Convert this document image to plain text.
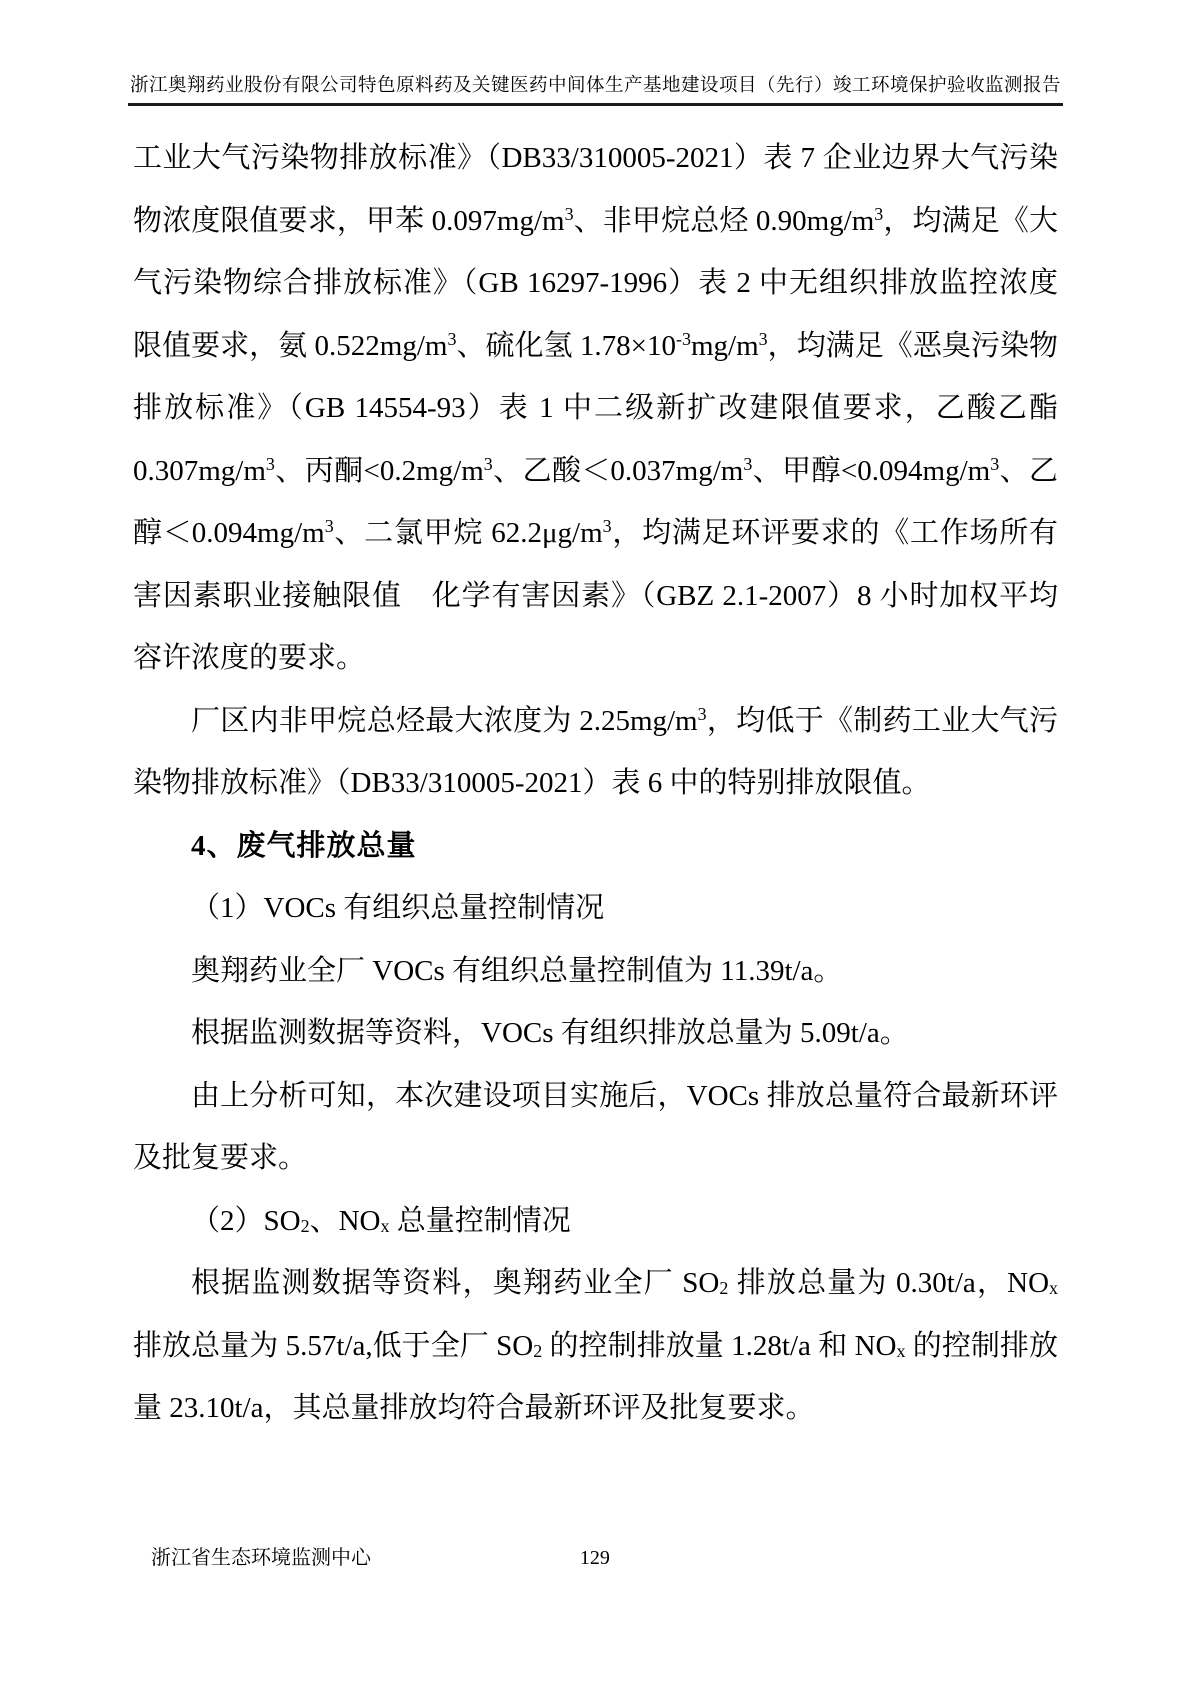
浙江奥翔药业股份有限公司特色原料药及关键医药中间体生产基地建设项目（先行）竣工环境保护验收监测报告

工业大气污染物排放标准》（DB33/310005-2021）表 7 企业边界大气污染物浓度限值要求，甲苯 $0.097mg/m^3$、非甲烷总烃 $0.90mg/m^3$，均满足《大气污染物综合排放标准》（GB 16297-1996）表 2 中无组织排放监控浓度限值要求，氨 $0.522mg/m^3$、硫化氢 $1.78\times 10^{-3}mg/m^3$，均满足《恶臭污染物排放标准》（GB 14554-93）表 1 中二级新扩改建限值要求，乙酸乙酯 $0.307mg/m^3$、丙酮$<0.2mg/m^3$、乙酸$<0.037mg/m^3$、甲醇$<0.094mg/m^3$、乙醇$<0.094mg/m^3$、二氯甲烷 $62.2\mu g/m^3$，均满足环评要求的《工作场所有害因素职业接触限值　化学有害因素》（GBZ 2.1-2007）8 小时加权平均容许浓度的要求。

厂区内非甲烷总烃最大浓度为 $2.25mg/m^3$，均低于《制药工业大气污染物排放标准》（DB33/310005-2021）表 6 中的特别排放限值。

4、废气排放总量

（1）VOCs 有组织总量控制情况

奥翔药业全厂 VOCs 有组织总量控制值为 11.39t/a。

根据监测数据等资料，VOCs 有组织排放总量为 5.09t/a。

由上分析可知，本次建设项目实施后，VOCs 排放总量符合最新环评及批复要求。

$(2)SO_2$、$NO_x$ 总量控制情况

根据监测数据等资料，奥翔药业全厂 $SO_2$ 排放总量为 0.30t/a，$NO_x$ 排放总量为 5.57t/a,低于全厂 $SO_2$ 的控制排放量 1.28t/a 和 $NO_x$ 的控制排放量 23.10t/a，其总量排放均符合最新环评及批复要求。

浙江省生态环境监测中心	129
